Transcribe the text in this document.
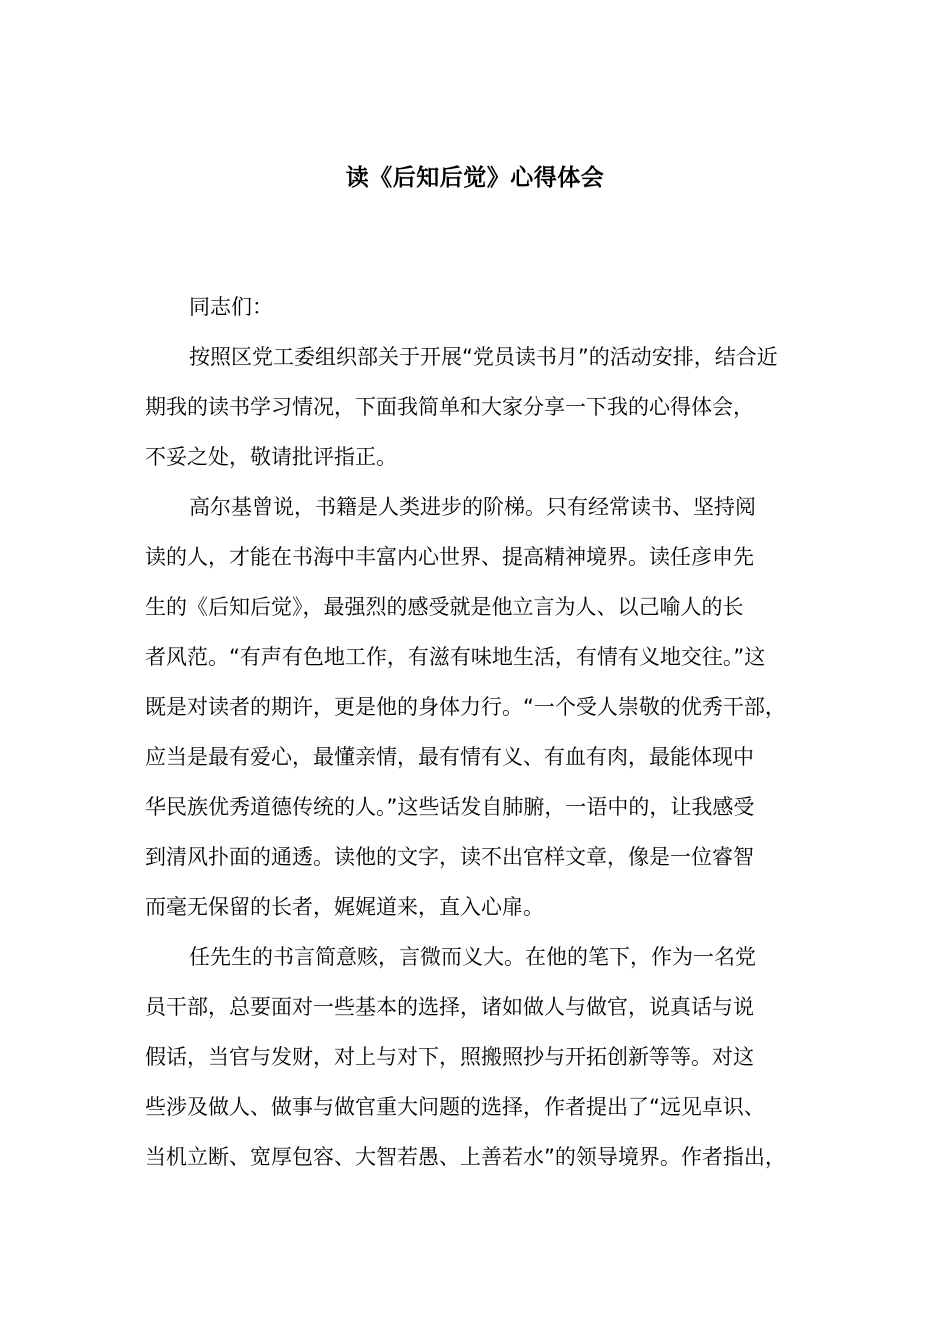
读《后知后觉》心得体会
同志们：
按照区党工委组织部关于开展“党员读书月”的活动安排，结合近
期我的读书学习情况，下面我简单和大家分享一下我的心得体会，
不妥之处，敬请批评指正。
高尔基曾说，书籍是人类进步的阶梯。只有经常读书、坚持阅
读的人，才能在书海中丰富内心世界、提高精神境界。读任彦申先
生的《后知后觉》，最强烈的感受就是他立言为人、以己喻人的长
者风范。“有声有色地工作，有滋有味地生活，有情有义地交往。”这
既是对读者的期许，更是他的身体力行。“一个受人崇敬的优秀干部，
应当是最有爱心，最懂亲情，最有情有义、有血有肉，最能体现中
华民族优秀道德传统的人。”这些话发自肺腑，一语中的，让我感受
到清风扑面的通透。读他的文字，读不出官样文章，像是一位睿智
而毫无保留的长者，娓娓道来，直入心扉。
任先生的书言简意赅，言微而义大。在他的笔下，作为一名党
员干部，总要面对一些基本的选择，诸如做人与做官，说真话与说
假话，当官与发财，对上与对下，照搬照抄与开拓创新等等。对这
些涉及做人、做事与做官重大问题的选择，作者提出了“远见卓识、
当机立断、宽厚包容、大智若愚、上善若水”的领导境界。作者指出，
